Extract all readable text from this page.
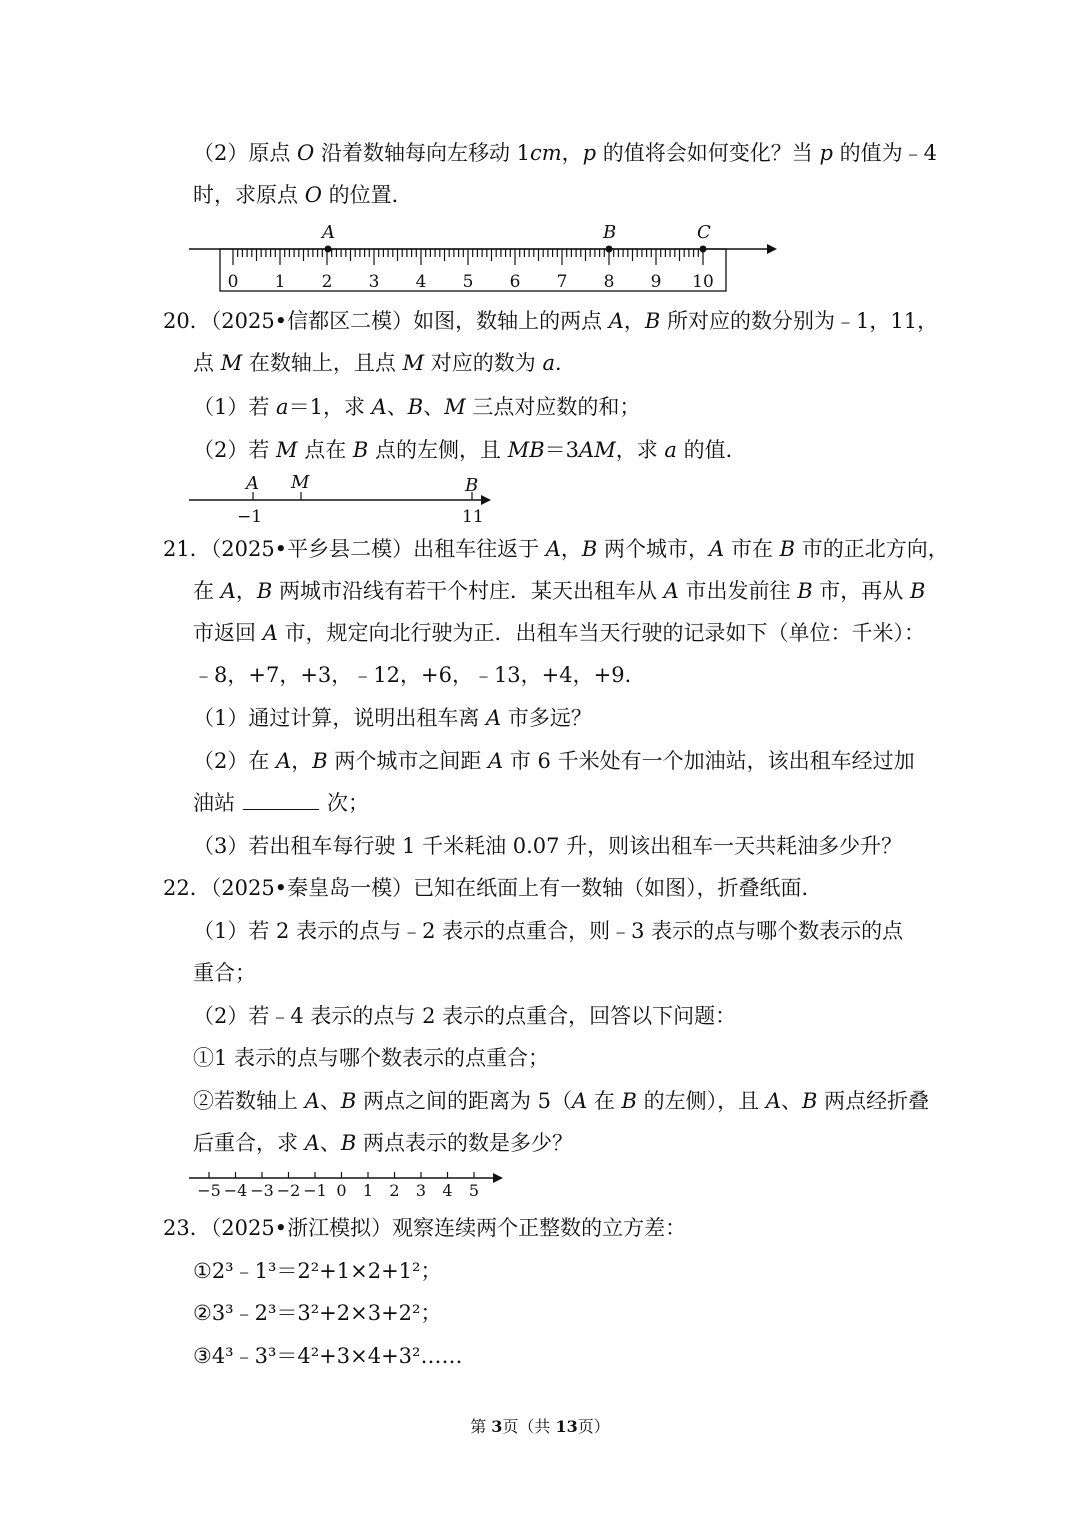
（2）原点 O 沿着数轴每向左移动 1cm，p 的值将会如何变化？当 p 的值为﹣4
时，求原点 O 的位置．
0 1 2 3 4 5 6 7 8 9 10
A	B	C
20．（2025•信都区二模）如图，数轴上的两点 A，B 所对应的数分别为﹣1，11，
点 M 在数轴上，且点 M 对应的数为 a．
（1）若 a＝1，求 A、B、M 三点对应数的和；
（2）若 M 点在 B 点的左侧，且 MB＝3AM，求 a 的值．
A M	B
−1	11
21．（2025•平乡县二模）出租车往返于 A，B 两个城市，A 市在 B 市的正北方向，
在 A，B 两城市沿线有若干个村庄．某天出租车从 A 市出发前往 B 市，再从 B
市返回 A 市，规定向北行驶为正．出租车当天行驶的记录如下（单位：千米）：
﹣8，+7，+3，﹣12，+6，﹣13，+4，+9．
（1）通过计算，说明出租车离 A 市多远？
（2）在 A，B 两个城市之间距 A 市 6 千米处有一个加油站，该出租车经过加
油站	次；
（3）若出租车每行驶 1 千米耗油 0.07 升，则该出租车一天共耗油多少升？
22．（2025•秦皇岛一模）已知在纸面上有一数轴（如图），折叠纸面．
（1）若 2 表示的点与﹣2 表示的点重合，则﹣3 表示的点与哪个数表示的点
重合；
（2）若﹣4 表示的点与 2 表示的点重合，回答以下问题：
①1 表示的点与哪个数表示的点重合；
②若数轴上 A、B 两点之间的距离为 5（A 在 B 的左侧），且 A、B 两点经折叠
后重合，求 A、B 两点表示的数是多少？
−5 −4 −3 −2 −1 0 1 2 3 4 5
23．（2025•浙江模拟）观察连续两个正整数的立方差：
①2³﹣1³＝2²+1×2+1²；
②3³﹣2³＝3²+2×3+2²；
③4³﹣3³＝4²+3×4+3²……
第 3页（共 13页）
